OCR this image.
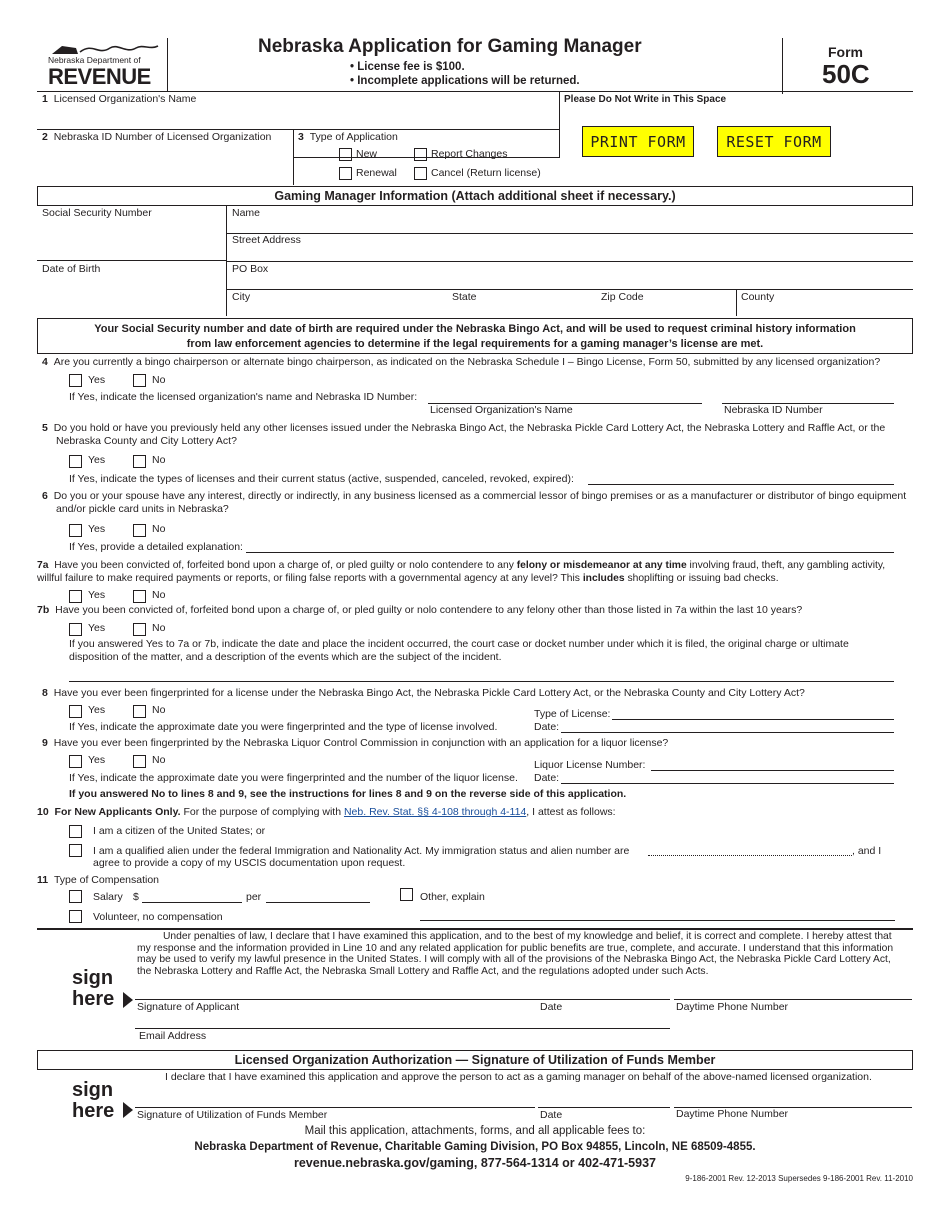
Nebraska Department of
REVENUE
Nebraska Application for Gaming Manager
• License fee is $100.
• Incomplete applications will be returned.
Form
50C
1 Licensed Organization's Name	Please Do Not Write in This Space
2 Nebraska ID Number of Licensed Organization	3 Type of Application
New	Report Changes
Renewal	Cancel (Return license)
PRINT FORM	RESET FORM
Gaming Manager Information (Attach additional sheet if necessary.)
Social Security Number
Date of Birth
Name
Street Address
PO Box
City	State	Zip Code	County
Your Social Security number and date of birth are required under the Nebraska Bingo Act, and will be used to request criminal history information from law enforcement agencies to determine if the legal requirements for a gaming manager’s license are met.
4 Are you currently a bingo chairperson or alternate bingo chairperson, as indicated on the Nebraska Schedule I – Bingo License, Form 50, submitted by any licensed organization?
Yes	No
If Yes, indicate the licensed organization's name and Nebraska ID Number:
Licensed Organization's Name	Nebraska ID Number
5 Do you hold or have you previously held any other licenses issued under the Nebraska Bingo Act, the Nebraska Pickle Card Lottery Act, the Nebraska Lottery and Raffle Act, or the Nebraska County and City Lottery Act?
Yes	No
If Yes, indicate the types of licenses and their current status (active, suspended, canceled, revoked, expired):
6 Do you or your spouse have any interest, directly or indirectly, in any business licensed as a commercial lessor of bingo premises or as a manufacturer or distributor of bingo equipment and/or pickle card units in Nebraska?
Yes	No
If Yes, provide a detailed explanation:
7a Have you been convicted of, forfeited bond upon a charge of, or pled guilty or nolo contendere to any felony or misdemeanor at any time involving fraud, theft, any gambling activity, willful failure to make required payments or reports, or filing false reports with a governmental agency at any level? This includes shoplifting or issuing bad checks.
Yes	No
7b Have you been convicted of, forfeited bond upon a charge of, or pled guilty or nolo contendere to any felony other than those listed in 7a within the last 10 years?
Yes	No
If you answered Yes to 7a or 7b, indicate the date and place the incident occurred, the court case or docket number under which it is filed, the original charge or ultimate disposition of the matter, and a description of the events which are the subject of the incident.
8 Have you ever been fingerprinted for a license under the Nebraska Bingo Act, the Nebraska Pickle Card Lottery Act, or the Nebraska County and City Lottery Act?
Yes	No
If Yes, indicate the approximate date you were fingerprinted and the type of license involved.
Type of License:
Date:
9 Have you ever been fingerprinted by the Nebraska Liquor Control Commission in conjunction with an application for a liquor license?
Yes	No
If Yes, indicate the approximate date you were fingerprinted and the number of the liquor license.
Liquor License Number:
Date:
If you answered No to lines 8 and 9, see the instructions for lines 8 and 9 on the reverse side of this application.
10 For New Applicants Only. For the purpose of complying with Neb. Rev. Stat. §§ 4-108 through 4-114, I attest as follows:
I am a citizen of the United States; or
I am a qualified alien under the federal Immigration and Nationality Act. My immigration status and alien number are	, and I
agree to provide a copy of my USCIS documentation upon request.
11 Type of Compensation
Salary $	per	Other, explain
Volunteer, no compensation
Under penalties of law, I declare that I have examined this application, and to the best of my knowledge and belief, it is correct and complete. I hereby attest that my response and the information provided in Line 10 and any related application for public benefits are true, complete, and accurate. I understand that this information may be used to verify my lawful presence in the United States. I will comply with all of the provisions of the Nebraska Bingo Act, the Nebraska Pickle Card Lottery Act, the Nebraska Lottery and Raffle Act, the Nebraska Small Lottery and Raffle Act, and the regulations adopted under such Acts.
sign
here Signature of Applicant	Date	Daytime Phone Number
Email Address
Licensed Organization Authorization — Signature of Utilization of Funds Member
I declare that I have examined this application and approve the person to act as a gaming manager on behalf of the above-named licensed organization.
sign
here Signature of Utilization of Funds Member	Date	Daytime Phone Number
Mail this application, attachments, forms, and all applicable fees to:
Nebraska Department of Revenue, Charitable Gaming Division, PO Box 94855, Lincoln, NE 68509-4855.
revenue.nebraska.gov/gaming, 877-564-1314 or 402-471-5937
9-186-2001 Rev. 12-2013 Supersedes 9-186-2001 Rev. 11-2010
